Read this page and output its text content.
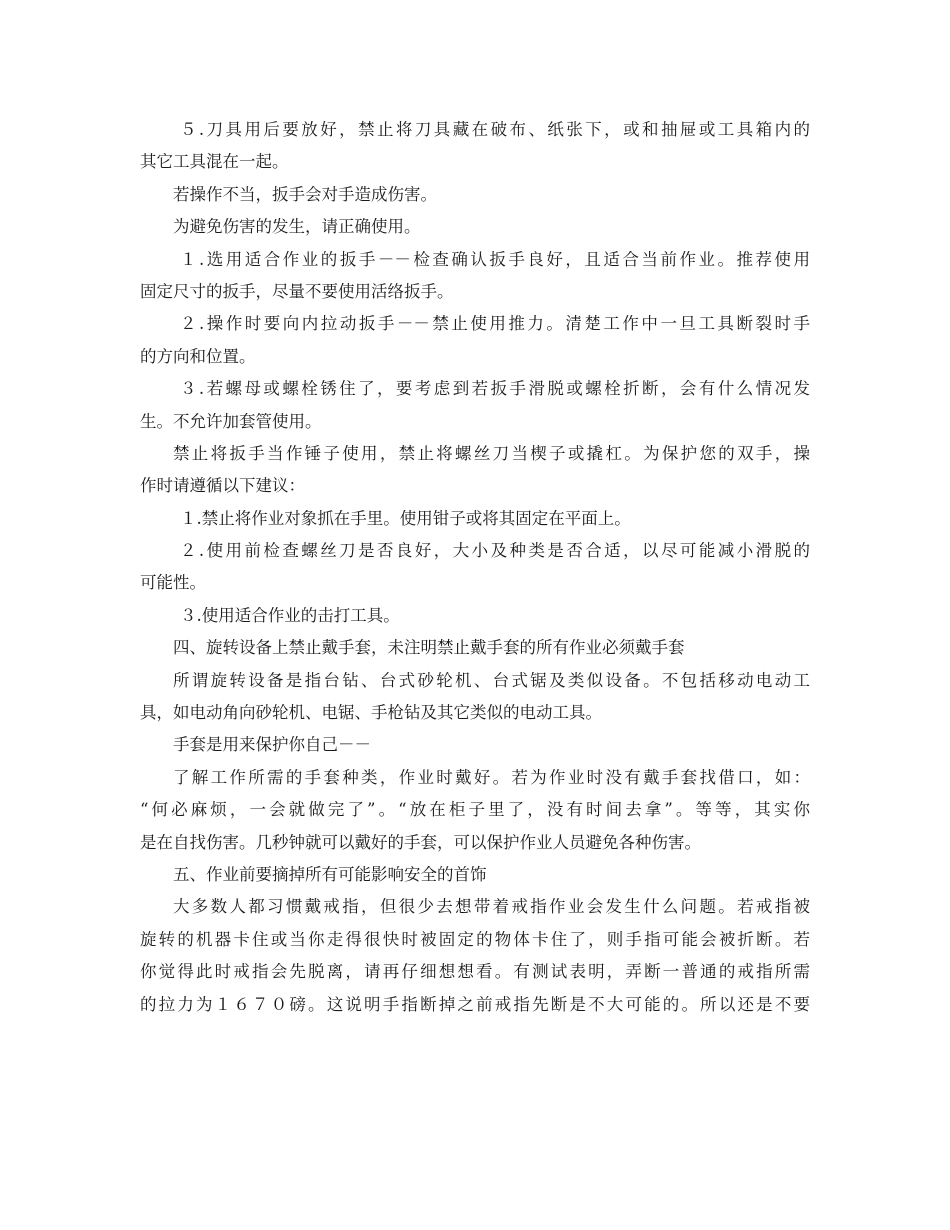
５.刀具用后要放好，禁止将刀具藏在破布、纸张下，或和抽屉或工具箱内的
其它工具混在一起。
若操作不当，扳手会对手造成伤害。
为避免伤害的发生，请正确使用。
１.选用适合作业的扳手－－检查确认扳手良好，且适合当前作业。推荐使用
固定尺寸的扳手，尽量不要使用活络扳手。
２.操作时要向内拉动扳手－－禁止使用推力。清楚工作中一旦工具断裂时手
的方向和位置。
３.若螺母或螺栓锈住了，要考虑到若扳手滑脱或螺栓折断，会有什么情况发
生。不允许加套管使用。
禁止将扳手当作锤子使用，禁止将螺丝刀当楔子或撬杠。为保护您的双手，操
作时请遵循以下建议：
１.禁止将作业对象抓在手里。使用钳子或将其固定在平面上。
２.使用前检查螺丝刀是否良好，大小及种类是否合适，以尽可能减小滑脱的
可能性。
３.使用适合作业的击打工具。
四、旋转设备上禁止戴手套，未注明禁止戴手套的所有作业必须戴手套
所谓旋转设备是指台钻、台式砂轮机、台式锯及类似设备。不包括移动电动工
具，如电动角向砂轮机、电锯、手枪钻及其它类似的电动工具。
手套是用来保护你自己－－
了解工作所需的手套种类，作业时戴好。若为作业时没有戴手套找借口，如：
“何必麻烦，一会就做完了”。“放在柜子里了，没有时间去拿”。等等，其实你
是在自找伤害。几秒钟就可以戴好的手套，可以保护作业人员避免各种伤害。
五、作业前要摘掉所有可能影响安全的首饰
大多数人都习惯戴戒指，但很少去想带着戒指作业会发生什么问题。若戒指被
旋转的机器卡住或当你走得很快时被固定的物体卡住了，则手指可能会被折断。若
你觉得此时戒指会先脱离，请再仔细想想看。有测试表明，弄断一普通的戒指所需
的拉力为１６７０磅。这说明手指断掉之前戒指先断是不大可能的。所以还是不要
